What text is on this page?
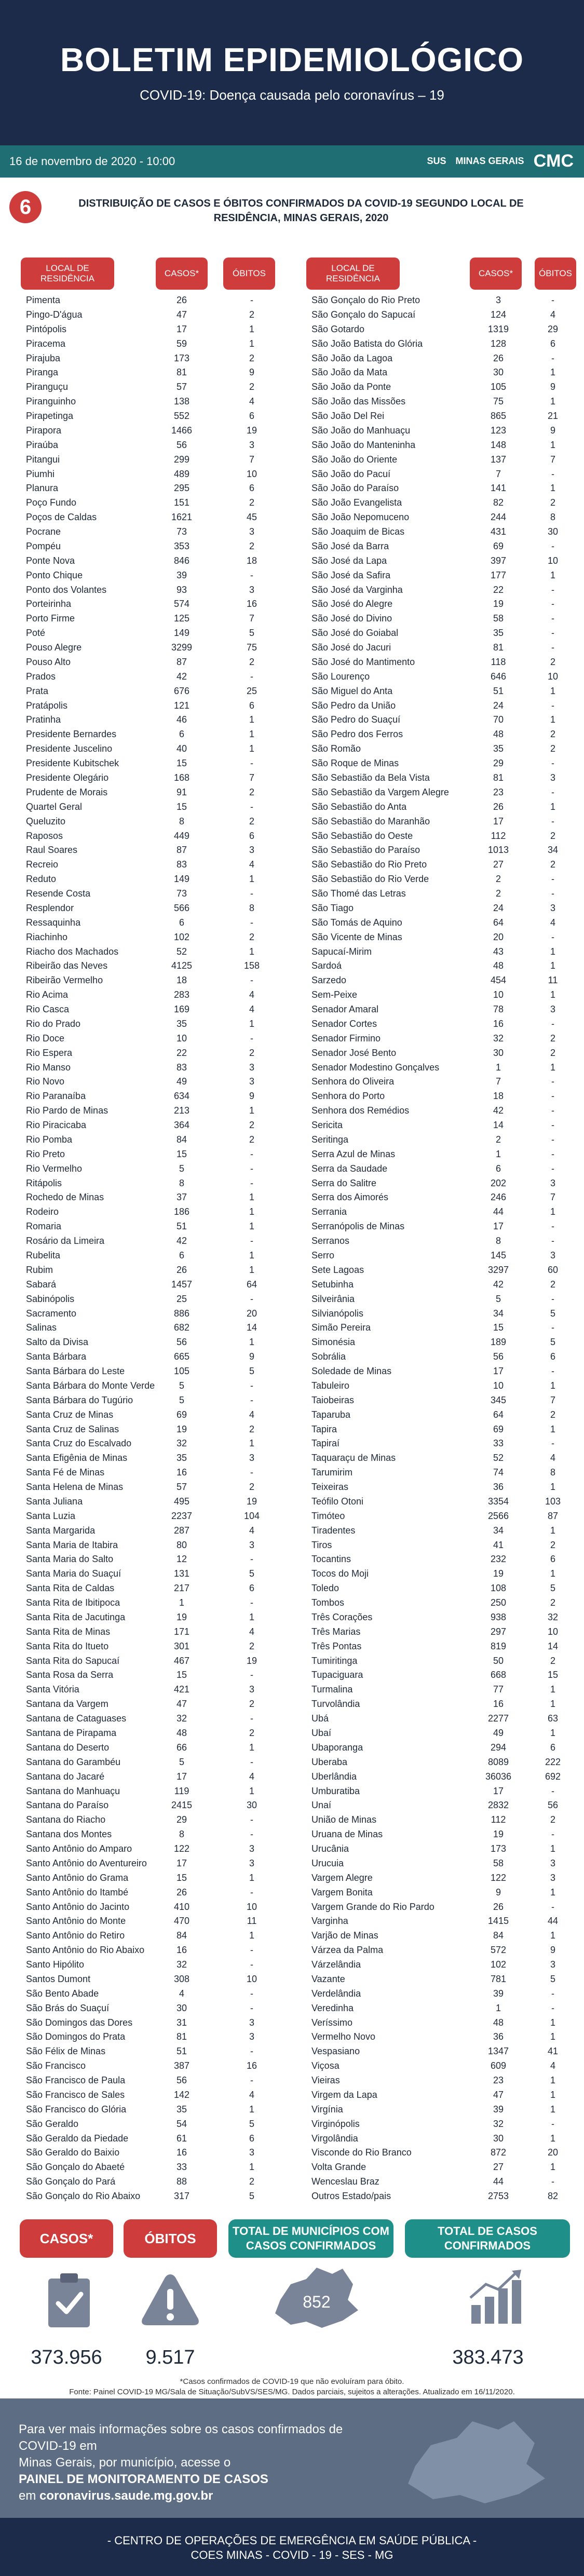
BOLETIM EPIDEMIOLÓGICO
COVID-19: Doença causada pelo coronavírus – 19
16 de novembro de 2020 - 10:00	SUS MINAS GERAIS CMC
6	DISTRIBUIÇÃO DE CASOS E ÓBITOS CONFIRMADOS DA COVID-19 SEGUNDO LOCAL DE RESIDÊNCIA, MINAS GERAIS, 2020
LOCAL DE RESIDÊNCIA
CASOS*	ÓBITOS
LOCAL DE RESIDÊNCIA
CASOS*	ÓBITOS
Pimenta	26	-
Pingo-D'água	47	2
Pintópolis	17	1
Piracema	59	1
Pirajuba	173	2
Piranga	81	9
Piranguçu	57	2
Piranguinho	138	4
Pirapetinga	552	6
Pirapora	1466	19
Piraúba	56	3
Pitangui	299	7
Piumhi	489	10
Planura	295	6
Poço Fundo	151	2
Poços de Caldas	1621	45
Pocrane	73	3
Pompéu	353	2
Ponte Nova	846	18
Ponto Chique	39	-
Ponto dos Volantes	93	3
Porteirinha	574	16
Porto Firme	125	7
Poté	149	5
Pouso Alegre	3299	75
Pouso Alto	87	2
Prados	42	-
Prata	676	25
Pratápolis	121	6
Pratinha	46	1
Presidente Bernardes	6	1
Presidente Juscelino	40	1
Presidente Kubitschek	15	-
Presidente Olegário	168	7
Prudente de Morais	91	2
Quartel Geral	15	-
Queluzito	8	2
Raposos	449	6
Raul Soares	87	3
Recreio	83	4
Reduto	149	1
Resende Costa	73	-
Resplendor	566	8
Ressaquinha	6	-
Riachinho	102	2
Riacho dos Machados	52	1
Ribeirão das Neves	4125	158
Ribeirão Vermelho	18	-
Rio Acima	283	4
Rio Casca	169	4
Rio do Prado	35	1
Rio Doce	10	-
Rio Espera	22	2
Rio Manso	83	3
Rio Novo	49	3
Rio Paranaíba	634	9
Rio Pardo de Minas	213	1
Rio Piracicaba	364	2
Rio Pomba	84	2
Rio Preto	15	-
Rio Vermelho	5	-
Ritápolis	8	-
Rochedo de Minas	37	1
Rodeiro	186	1
Romaria	51	1
Rosário da Limeira	42	-
Rubelita	6	1
Rubim	26	1
Sabará	1457	64
Sabinópolis	25	-
Sacramento	886	20
Salinas	682	14
Salto da Divisa	56	1
Santa Bárbara	665	9
Santa Bárbara do Leste	105	5
Santa Bárbara do Monte Verde	5	-
Santa Bárbara do Tugúrio	5	-
Santa Cruz de Minas	69	4
Santa Cruz de Salinas	19	2
Santa Cruz do Escalvado	32	1
Santa Efigênia de Minas	35	3
Santa Fé de Minas	16	-
Santa Helena de Minas	57	2
Santa Juliana	495	19
Santa Luzia	2237	104
Santa Margarida	287	4
Santa Maria de Itabira	80	3
Santa Maria do Salto	12	-
Santa Maria do Suaçuí	131	5
Santa Rita de Caldas	217	6
Santa Rita de Ibitipoca	1	-
Santa Rita de Jacutinga	19	1
Santa Rita de Minas	171	4
Santa Rita do Itueto	301	2
Santa Rita do Sapucaí	467	19
Santa Rosa da Serra	15	-
Santa Vitória	421	3
Santana da Vargem	47	2
Santana de Cataguases	32	-
Santana de Pirapama	48	2
Santana do Deserto	66	1
Santana do Garambéu	5	-
Santana do Jacaré	17	4
Santana do Manhuaçu	119	1
Santana do Paraíso	2415	30
Santana do Riacho	29	-
Santana dos Montes	8	-
Santo Antônio do Amparo	122	3
Santo Antônio do Aventureiro	17	3
Santo Antônio do Grama	15	1
Santo Antônio do Itambé	26	-
Santo Antônio do Jacinto	410	10
Santo Antônio do Monte	470	11
Santo Antônio do Retiro	84	1
Santo Antônio do Rio Abaixo	16	-
Santo Hipólito	32	-
Santos Dumont	308	10
São Bento Abade	4	-
São Brás do Suaçuí	30	-
São Domingos das Dores	31	3
São Domingos do Prata	81	3
São Félix de Minas	51	-
São Francisco	387	16
São Francisco de Paula	56	-
São Francisco de Sales	142	4
São Francisco do Glória	35	1
São Geraldo	54	5
São Geraldo da Piedade	61	6
São Geraldo do Baixio	16	3
São Gonçalo do Abaeté	33	1
São Gonçalo do Pará	88	2
São Gonçalo do Rio Abaixo	317	5
São Gonçalo do Rio Preto	3	-
São Gonçalo do Sapucaí	124	4
São Gotardo	1319	29
São João Batista do Glória	128	6
São João da Lagoa	26	-
São João da Mata	30	1
São João da Ponte	105	9
São João das Missões	75	1
São João Del Rei	865	21
São João do Manhuaçu	123	9
São João do Manteninha	148	1
São João do Oriente	137	7
São João do Pacuí	7	-
São João do Paraíso	141	1
São João Evangelista	82	2
São João Nepomuceno	244	8
São Joaquim de Bicas	431	30
São José da Barra	69	-
São José da Lapa	397	10
São José da Safira	177	1
São José da Varginha	22	-
São José do Alegre	19	-
São José do Divino	58	-
São José do Goiabal	35	-
São José do Jacuri	81	-
São José do Mantimento	118	2
São Lourenço	646	10
São Miguel do Anta	51	1
São Pedro da União	24	-
São Pedro do Suaçuí	70	1
São Pedro dos Ferros	48	2
São Romão	35	2
São Roque de Minas	29	-
São Sebastião da Bela Vista	81	3
São Sebastião da Vargem Alegre	23	-
São Sebastião do Anta	26	1
São Sebastião do Maranhão	17	-
São Sebastião do Oeste	112	2
São Sebastião do Paraíso	1013	34
São Sebastião do Rio Preto	27	2
São Sebastião do Rio Verde	2	-
São Thomé das Letras	2	-
São Tiago	24	3
São Tomás de Aquino	64	4
São Vicente de Minas	20	-
Sapucaí-Mirim	43	1
Sardoá	48	1
Sarzedo	454	11
Sem-Peixe	10	1
Senador Amaral	78	3
Senador Cortes	16	-
Senador Firmino	32	2
Senador José Bento	30	2
Senador Modestino Gonçalves	1	1
Senhora do Oliveira	7	-
Senhora do Porto	18	-
Senhora dos Remédios	42	-
Sericita	14	-
Seritinga	2	-
Serra Azul de Minas	1	-
Serra da Saudade	6	-
Serra do Salitre	202	3
Serra dos Aimorés	246	7
Serrania	44	1
Serranópolis de Minas	17	-
Serranos	8	-
Serro	145	3
Sete Lagoas	3297	60
Setubinha	42	2
Silveirânia	5	-
Silvianópolis	34	5
Simão Pereira	15	-
Simonésia	189	5
Sobrália	56	6
Soledade de Minas	17	-
Tabuleiro	10	1
Taiobeiras	345	7
Taparuba	64	2
Tapira	69	1
Tapiraí	33	-
Taquaraçu de Minas	52	4
Tarumirim	74	8
Teixeiras	36	1
Teófilo Otoni	3354	103
Timóteo	2566	87
Tiradentes	34	1
Tiros	41	2
Tocantins	232	6
Tocos do Moji	19	1
Toledo	108	5
Tombos	250	2
Três Corações	938	32
Três Marias	297	10
Três Pontas	819	14
Tumiritinga	50	2
Tupaciguara	668	15
Turmalina	77	1
Turvolândia	16	1
Ubá	2277	63
Ubaí	49	1
Ubaporanga	294	6
Uberaba	8089	222
Uberlândia	36036	692
Umburatiba	17	-
Unaí	2832	56
União de Minas	112	2
Uruana de Minas	19	-
Urucânia	173	1
Urucuia	58	3
Vargem Alegre	122	3
Vargem Bonita	9	1
Vargem Grande do Rio Pardo	26	-
Varginha	1415	44
Varjão de Minas	84	1
Várzea da Palma	572	9
Várzelândia	102	3
Vazante	781	5
Verdelândia	39	-
Veredinha	1	-
Veríssimo	48	1
Vermelho Novo	36	1
Vespasiano	1347	41
Viçosa	609	4
Vieiras	23	1
Virgem da Lapa	47	1
Virgínia	39	1
Virginópolis	32	-
Virgolândia	30	1
Visconde do Rio Branco	872	20
Volta Grande	27	1
Wenceslau Braz	44	-
Outros Estado/pais	2753	82
CASOS*	ÓBITOS	TOTAL DE MUNICÍPIOS COM CASOS CONFIRMADOS
TOTAL DE CASOS CONFIRMADOS
852
373.956	9.517	383.473
*Casos confirmados de COVID-19 que não evoluíram para óbito.
Fonte: Painel COVID-19 MG/Sala de Situação/SubVS/SES/MG. Dados parciais, sujeitos a alterações. Atualizado em 16/11/2020.
Para ver mais informações sobre os casos confirmados de COVID-19 em
Minas Gerais, por município, acesse o
PAINEL DE MONITORAMENTO DE CASOS
em coronavirus.saude.mg.gov.br
- CENTRO DE OPERAÇÕES DE EMERGÊNCIA EM SAÚDE PÚBLICA -
COES MINAS - COVID - 19 - SES - MG
